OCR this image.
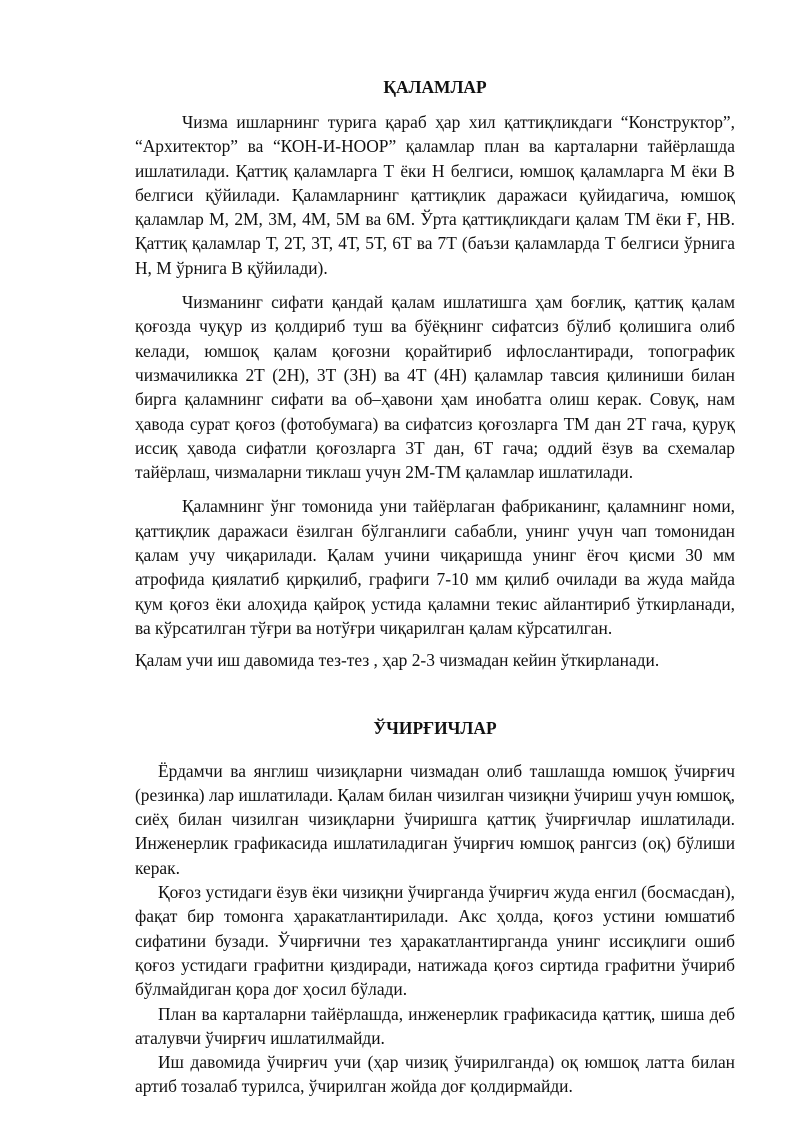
ҚАЛАМЛАР

Чизма ишларнинг турига қараб ҳар хил қаттиқликдаги “Конструктор”, “Архитектор” ва “КОН-И-НООР” қаламлар план ва карталарни тайёрлашда ишлатилади. Қаттиқ қаламларга Т ёки Н белгиси, юмшоқ қаламларга М ёки В белгиси қўйилади. Қаламларнинг қаттиқлик даражаси қуйидагича, юмшоқ қаламлар М, 2М, 3М, 4М, 5М ва 6М. Ўрта қаттиқликдаги қалам ТМ ёки Ғ, НВ. Қаттиқ қаламлар Т, 2Т, 3Т, 4Т, 5Т, 6Т ва 7Т (баъзи қаламларда Т белгиси ўрнига Н, М ўрнига В қўйилади).

Чизманинг сифати қандай қалам ишлатишга ҳам боғлиқ, қаттиқ қалам қоғозда чуқур из қолдириб туш ва бўёқнинг сифатсиз бўлиб қолишига олиб келади, юмшоқ қалам қоғозни қорайтириб ифлослантиради, топографик чизмачиликка 2Т (2Н), 3Т (3Н) ва 4Т (4Н) қаламлар тавсия қилиниши билан бирга қаламнинг сифати ва об–ҳавони ҳам инобатга олиш керак. Совуқ, нам ҳавода сурат қоғоз (фотобумага) ва сифатсиз қоғозларга ТМ дан 2Т гача, қуруқ иссиқ ҳавода сифатли қоғозларга 3Т дан, 6Т гача; оддий ёзув ва схемалар тайёрлаш, чизмаларни тиклаш учун 2М-ТМ қаламлар ишлатилади.

Қаламнинг ўнг томонида уни тайёрлаган фабриканинг, қаламнинг номи, қаттиқлик даражаси ёзилган бўлганлиги сабабли, унинг учун чап томонидан қалам учу чиқарилади. Қалам учини чиқаришда унинг ёғоч қисми 30 мм атрофида қиялатиб қирқилиб, графиги 7-10 мм қилиб очилади ва жуда майда қум қоғоз ёки алоҳида қайроқ устида қаламни текис айлантириб ўткирланади, ва кўрсатилган тўғри ва нотўғри чиқарилган қалам кўрсатилган.

Қалам учи иш давомида тез-тез , ҳар 2-3 чизмадан кейин ўткирланади.

ЎЧИРҒИЧЛАР

Ёрдамчи ва янглиш чизиқларни чизмадан олиб ташлашда юмшоқ ўчирғич (резинка) лар ишлатилади. Қалам билан чизилган чизиқни ўчириш учун юмшоқ, сиёҳ билан чизилган чизиқларни ўчиришга қаттиқ ўчирғичлар ишлатилади. Инженерлик графикасида ишлатиладиган ўчирғич юмшоқ рангсиз (оқ) бўлиши керак.

Қоғоз устидаги ёзув ёки чизиқни ўчирганда ўчирғич жуда енгил (босмасдан), фақат бир томонга ҳаракатлантирилади. Акс ҳолда, қоғоз устини юмшатиб сифатини бузади. Ўчирғични тез ҳаракатлантирганда унинг иссиқлиги ошиб қоғоз устидаги графитни қиздиради, натижада қоғоз сиртида графитни ўчириб бўлмайдиган қора доғ ҳосил бўлади.

План ва карталарни тайёрлашда, инженерлик графикасида қаттиқ, шиша деб аталувчи ўчирғич ишлатилмайди.

Иш давомида ўчирғич учи (ҳар чизиқ ўчирилганда) оқ юмшоқ латта билан артиб тозалаб турилса, ўчирилган жойда доғ қолдирмайди.
